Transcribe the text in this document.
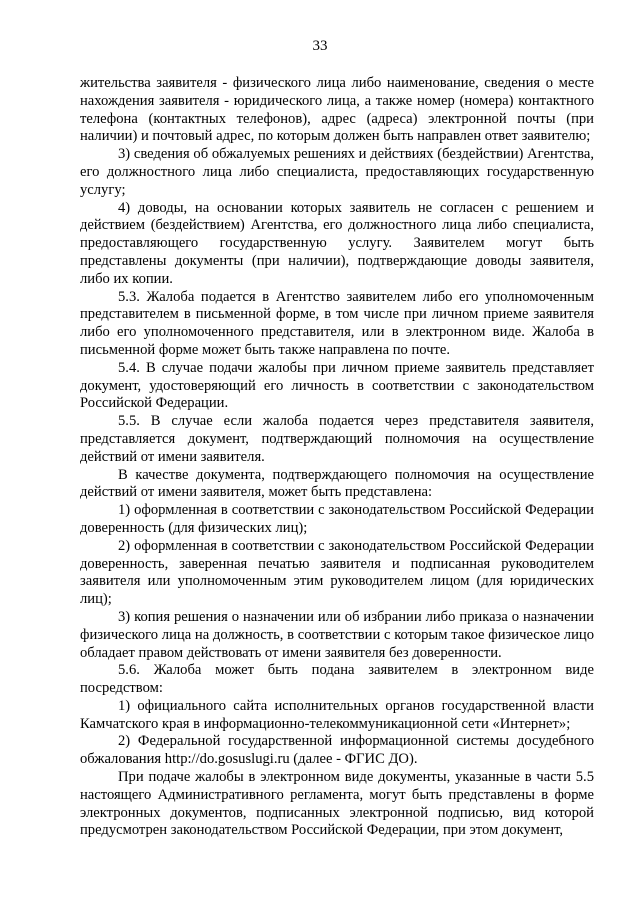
33

жительства заявителя - физического лица либо наименование, сведения о месте нахождения заявителя - юридического лица, а также номер (номера) контактного телефона (контактных телефонов), адрес (адреса) электронной почты (при наличии) и почтовый адрес, по которым должен быть направлен ответ заявителю;

3) сведения об обжалуемых решениях и действиях (бездействии) Агентства, его должностного лица либо специалиста, предоставляющих государственную услугу;

4) доводы, на основании которых заявитель не согласен с решением и действием (бездействием) Агентства, его должностного лица либо специалиста, предоставляющего государственную услугу. Заявителем могут быть представлены документы (при наличии), подтверждающие доводы заявителя, либо их копии.

5.3. Жалоба подается в Агентство заявителем либо его уполномоченным представителем в письменной форме, в том числе при личном приеме заявителя либо его уполномоченного представителя, или в электронном виде. Жалоба в письменной форме может быть также направлена по почте.

5.4. В случае подачи жалобы при личном приеме заявитель представляет документ, удостоверяющий его личность в соответствии с законодательством Российской Федерации.

5.5. В случае если жалоба подается через представителя заявителя, представляется документ, подтверждающий полномочия на осуществление действий от имени заявителя.

В качестве документа, подтверждающего полномочия на осуществление действий от имени заявителя, может быть представлена:

1) оформленная в соответствии с законодательством Российской Федерации доверенность (для физических лиц);

2) оформленная в соответствии с законодательством Российской Федерации доверенность, заверенная печатью заявителя и подписанная руководителем заявителя или уполномоченным этим руководителем лицом (для юридических лиц);

3) копия решения о назначении или об избрании либо приказа о назначении физического лица на должность, в соответствии с которым такое физическое лицо обладает правом действовать от имени заявителя без доверенности.

5.6. Жалоба может быть подана заявителем в электронном виде посредством:

1) официального сайта исполнительных органов государственной власти Камчатского края в информационно-телекоммуникационной сети «Интернет»;

2) Федеральной государственной информационной системы досудебного обжалования http://do.gosuslugi.ru (далее - ФГИС ДО).

При подаче жалобы в электронном виде документы, указанные в части 5.5 настоящего Административного регламента, могут быть представлены в форме электронных документов, подписанных электронной подписью, вид которой предусмотрен законодательством Российской Федерации, при этом документ,
